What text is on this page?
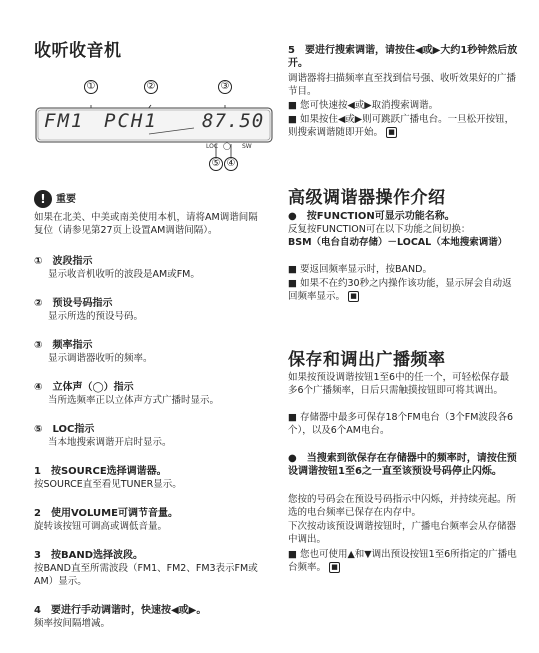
收听收音机
①	②	③
⑤ ④
FM1 PCH1 87.50
LOC ◯ SW
!	重要

如果在北美、中美或南美使用本机，请将AM调谐间隔复位（请参见第27页上设置AM调谐间隔）。

①　 波段指示

显示收音机收听的波段是AM或FM。

②　 预设号码指示

显示所选的预设号码。

③　 频率指示

显示调谐器收听的频率。

④　 立体声（◯）指示

当所选频率正以立体声方式广播时显示。

⑤　 LOC指示

当本地搜索调谐开启时显示。

1　按SOURCE选择调谐器。

按SOURCE直至看见TUNER显示。

2　使用VOLUME可调节音量。

旋转该按钮可调高或调低音量。

3　按BAND选择波段。

按BAND直至所需波段（FM1、FM2、FM3表示FM或AM）显示。

4　要进行手动调谐时，快速按◀或▶。

频率按间隔增减。

5　要进行搜索调谐，请按住◀或▶大约1秒钟然后放开。

调谐器将扫描频率直至找到信号强、收听效果好的广播节目。

■ 您可快速按◀或▶取消搜索调谐。

■ 如果按住◀或▶则可跳跃广播电台。一旦松开按钮，则搜索调谐随即开始。 ■

高级调谐器操作介绍
●　按FUNCTION可显示功能名称。

反复按FUNCTION可在以下功能之间切换：

BSM（电台自动存储）－LOCAL（本地搜索调谐）

■ 要返回频率显示时，按BAND。

■ 如果不在约30秒之内操作该功能，显示屏会自动返回频率显示。 ■

保存和调出广播频率

如果按预设调谐按钮1至6中的任一个，可轻松保存最多6个广播频率，日后只需触摸按钮即可将其调出。

■ 存储器中最多可保存18个FM电台（3个FM波段各6个），以及6个AM电台。

●　当搜索到欲保存在存储器中的频率时，请按住预设调谐按钮1至6之一直至该预设号码停止闪烁。

您按的号码会在预设号码指示中闪烁，并持续亮起。所选的电台频率已保存在内存中。

下次按动该预设调谐按钮时，广播电台频率会从存储器中调出。

■ 您也可使用▲和▼调出预设按钮1至6所指定的广播电台频率。 ■
